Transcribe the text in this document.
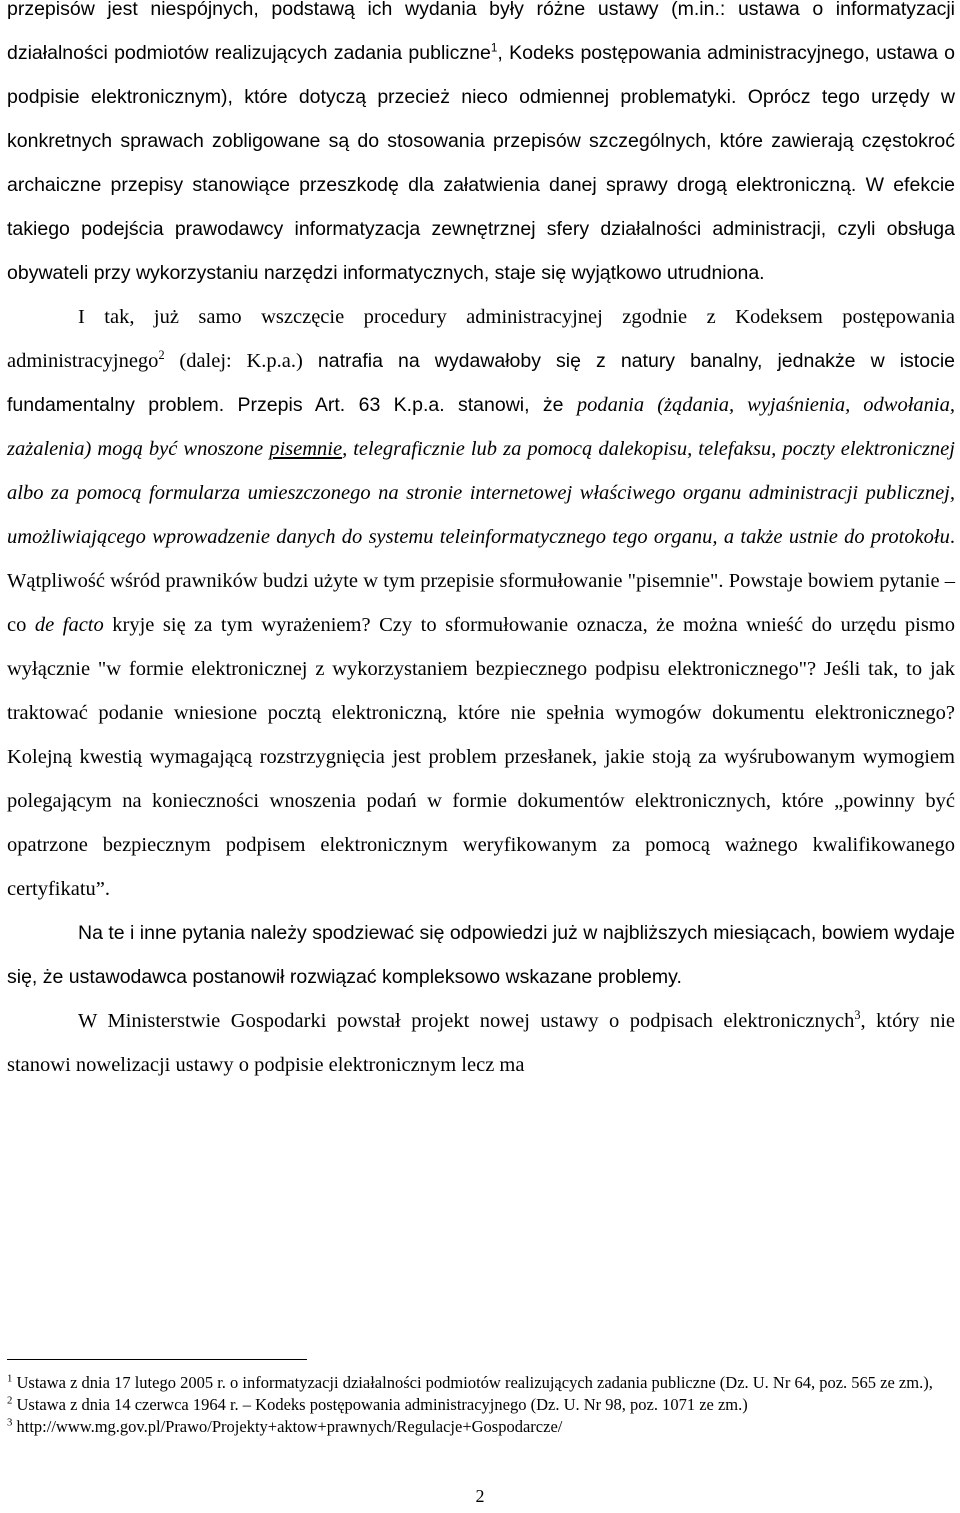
przepisów jest niespójnych, podstawą ich wydania były różne ustawy (m.in.: ustawa o informatyzacji działalności podmiotów realizujących zadania publiczne$^1$, Kodeks postępowania administracyjnego, ustawa o podpisie elektronicznym), które dotyczą przecież nieco odmiennej problematyki. Oprócz tego urzędy w konkretnych sprawach zobligowane są do stosowania przepisów szczególnych, które zawierają częstokroć archaiczne przepisy stanowiące przeszkodę dla załatwienia danej sprawy drogą elektroniczną. W efekcie takiego podejścia prawodawcy informatyzacja zewnętrznej sfery działalności administracji, czyli obsługa obywateli przy wykorzystaniu narzędzi informatycznych, staje się wyjątkowo utrudniona.

I tak, już samo wszczęcie procedury administracyjnej zgodnie z Kodeksem postępowania administracyjnego$^2$ (dalej: K.p.a.) natrafia na wydawałoby się z natury banalny, jednakże w istocie fundamentalny problem. Przepis Art. 63 K.p.a. stanowi, że podania (żądania, wyjaśnienia, odwołania, zażalenia) mogą być wnoszone pisemnie, telegraficznie lub za pomocą dalekopisu, telefaksu, poczty elektronicznej albo za pomocą formularza umieszczonego na stronie internetowej właściwego organu administracji publicznej, umożliwiającego wprowadzenie danych do systemu teleinformatycznego tego organu, a także ustnie do protokołu. Wątpliwość wśród prawników budzi użyte w tym przepisie sformułowanie "pisemnie". Powstaje bowiem pytanie – co de facto kryje się za tym wyrażeniem? Czy to sformułowanie oznacza, że można wnieść do urzędu pismo wyłącznie "w formie elektronicznej z wykorzystaniem bezpiecznego podpisu elektronicznego"? Jeśli tak, to jak traktować podanie wniesione pocztą elektroniczną, które nie spełnia wymogów dokumentu elektronicznego? Kolejną kwestią wymagającą rozstrzygnięcia jest problem przesłanek, jakie stoją za wyśrubowanym wymogiem polegającym na konieczności wnoszenia podań w formie dokumentów elektronicznych, które „powinny być opatrzone bezpiecznym podpisem elektronicznym weryfikowanym za pomocą ważnego kwalifikowanego certyfikatu”.

Na te i inne pytania należy spodziewać się odpowiedzi już w najbliższych miesiącach, bowiem wydaje się, że ustawodawca postanowił rozwiązać kompleksowo wskazane problemy.

W Ministerstwie Gospodarki powstał projekt nowej ustawy o podpisach elektronicznych$^3$, który nie stanowi nowelizacji ustawy o podpisie elektronicznym lecz ma

$^1$ Ustawa z dnia 17 lutego 2005 r. o informatyzacji działalności podmiotów realizujących zadania publiczne (Dz. U. Nr 64, poz. 565 ze zm.),

$^2$ Ustawa z dnia 14 czerwca 1964 r. – Kodeks postępowania administracyjnego (Dz. U. Nr 98, poz. 1071 ze zm.)

$^3$ http://www.mg.gov.pl/Prawo/Projekty+aktow+prawnych/Regulacje+Gospodarcze/

2
